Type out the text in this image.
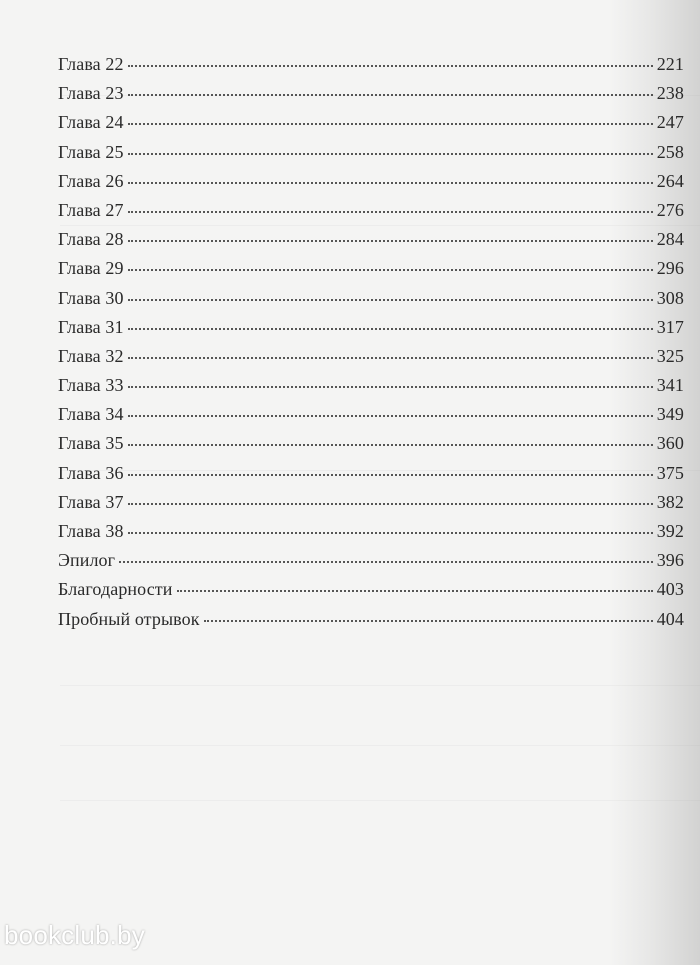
Глава 22	221
Глава 23	238
Глава 24	247
Глава 25	258
Глава 26	264
Глава 27	276
Глава 28	284
Глава 29	296
Глава 30	308
Глава 31	317
Глава 32	325
Глава 33	341
Глава 34	349
Глава 35	360
Глава 36	375
Глава 37	382
Глава 38	392
Эпилог	396
Благодарности	403
Пробный отрывок	404
bookclub.by
